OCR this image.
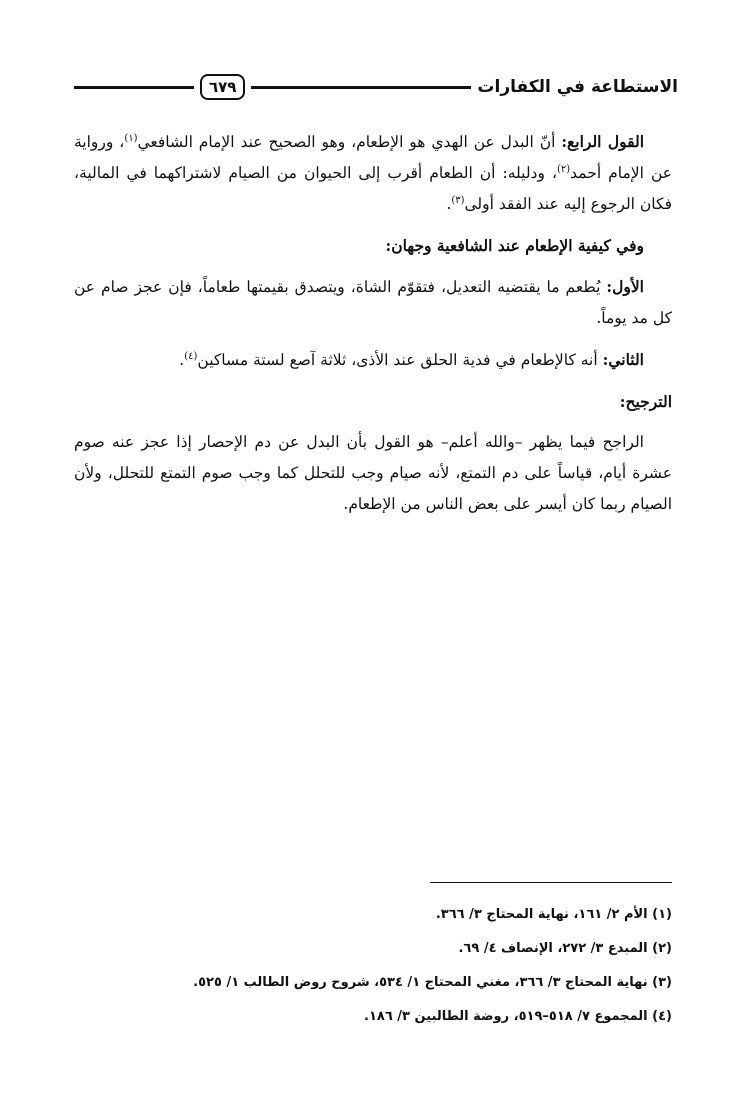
الاستطاعة في الكفارات
٦٧٩

القول الرابع: أنّ البدل عن الهدي هو الإطعام، وهو الصحيح عند الإمام الشافعي$^{(١)}$، ورواية عن الإمام أحمد$^{(٢)}$، ودليله: أن الطعام أقرب إلى الحيوان من الصيام لاشتراكهما في المالية، فكان الرجوع إليه عند الفقد أولى$^{(٣)}$.

وفي كيفية الإطعام عند الشافعية وجهان:

الأول: يُطعم ما يقتضيه التعديل، فتقوّم الشاة، ويتصدق بقيمتها طعاماً، فإن عجز صام عن كل مد يوماً.

الثاني: أنه كالإطعام في فدية الحلق عند الأذى، ثلاثة آصع لستة مساكين$^{(٤)}$.

الترجيح:

الراجح فيما يظهر –والله أعلم– هو القول بأن البدل عن دم الإحصار إذا عجز عنه صوم عشرة أيام، قياساً على دم التمتع، لأنه صيام وجب للتحلل كما وجب صوم التمتع للتحلل، ولأن الصيام ربما كان أيسر على بعض الناس من الإطعام.

(١) الأم ٢/ ١٦١، نهاية المحتاج ٣/ ٣٦٦.
(٢) المبدع ٣/ ٢٧٢، الإنصاف ٤/ ٦٩.
(٣) نهاية المحتاج ٣/ ٣٦٦، مغني المحتاج ١/ ٥٣٤، شروح روض الطالب ١/ ٥٢٥.
(٤) المجموع ٧/ ٥١٨–٥١٩، روضة الطالبين ٣/ ١٨٦.
